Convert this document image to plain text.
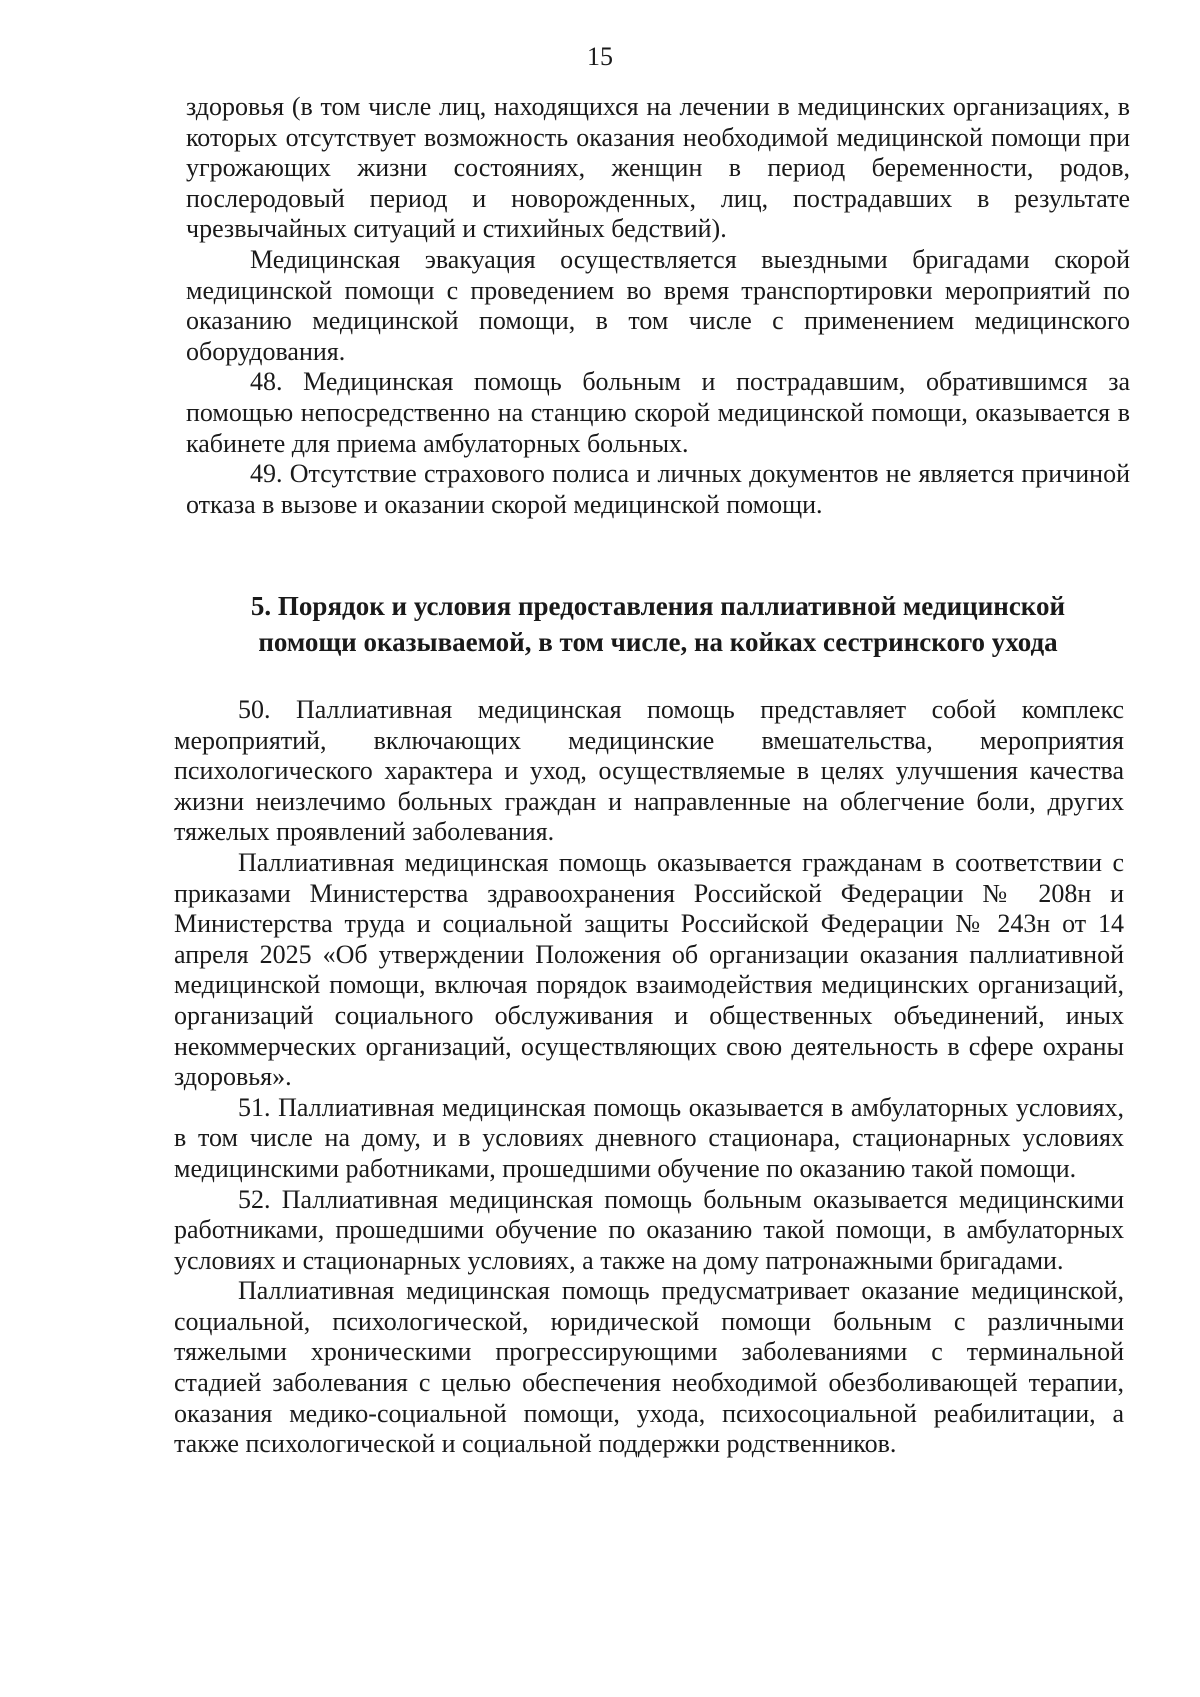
15

здоровья (в том числе лиц, находящихся на лечении в медицинских организациях, в которых отсутствует возможность оказания необходимой медицинской помощи при угрожающих жизни состояниях, женщин в период беременности, родов, послеродовый период и новорожденных, лиц, пострадавших в результате чрезвычайных ситуаций и стихийных бедствий).

Медицинская эвакуация осуществляется выездными бригадами скорой медицинской помощи с проведением во время транспортировки мероприятий по оказанию медицинской помощи, в том числе с применением медицинского оборудования.

48. Медицинская помощь больным и пострадавшим, обратившимся за помощью непосредственно на станцию скорой медицинской помощи, оказывается в кабинете для приема амбулаторных больных.

49. Отсутствие страхового полиса и личных документов не является причиной отказа в вызове и оказании скорой медицинской помощи.

5. Порядок и условия предоставления паллиативной медицинской

помощи оказываемой, в том числе, на койках сестринского ухода

50. Паллиативная медицинская помощь представляет собой комплекс мероприятий, включающих медицинские вмешательства, мероприятия психологического характера и уход, осуществляемые в целях улучшения качества жизни неизлечимо больных граждан и направленные на облегчение боли, других тяжелых проявлений заболевания.

Паллиативная медицинская помощь оказывается гражданам в соответствии с приказами Министерства здравоохранения Российской Федерации № 208н и Министерства труда и социальной защиты Российской Федерации № 243н от 14 апреля 2025 «Об утверждении Положения об организации оказания паллиативной медицинской помощи, включая порядок взаимодействия медицинских организаций, организаций социального обслуживания и общественных объединений, иных некоммерческих организаций, осуществляющих свою деятельность в сфере охраны здоровья».

51. Паллиативная медицинская помощь оказывается в амбулаторных условиях, в том числе на дому, и в условиях дневного стационара, стационарных условиях медицинскими работниками, прошедшими обучение по оказанию такой помощи.

52. Паллиативная медицинская помощь больным оказывается медицинскими работниками, прошедшими обучение по оказанию такой помощи, в амбулаторных условиях и стационарных условиях, а также на дому патронажными бригадами.

Паллиативная медицинская помощь предусматривает оказание медицинской, социальной, психологической, юридической помощи больным с различными тяжелыми хроническими прогрессирующими заболеваниями с терминальной стадией заболевания с целью обеспечения необходимой обезболивающей терапии, оказания медико-социальной помощи, ухода, психосоциальной реабилитации, а также психологической и социальной поддержки родственников.
